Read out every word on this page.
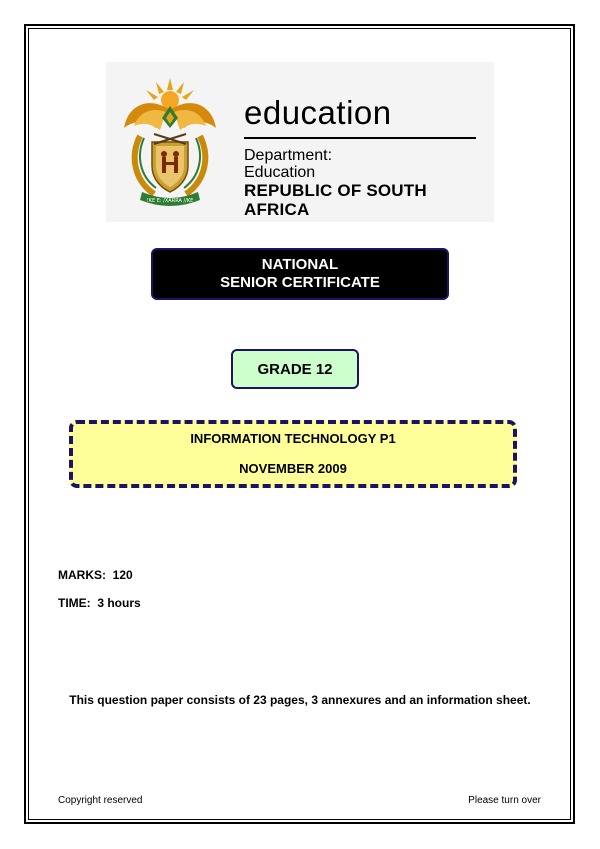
!KE E: /XARRA //KE
education
Department:
Education
REPUBLIC OF SOUTH AFRICA
NATIONAL
SENIOR CERTIFICATE
GRADE 12
INFORMATION TECHNOLOGY P1
NOVEMBER 2009
MARKS: 120
TIME: 3 hours
This question paper consists of 23 pages, 3 annexures and an information sheet.
Copyright reserved	Please turn over
